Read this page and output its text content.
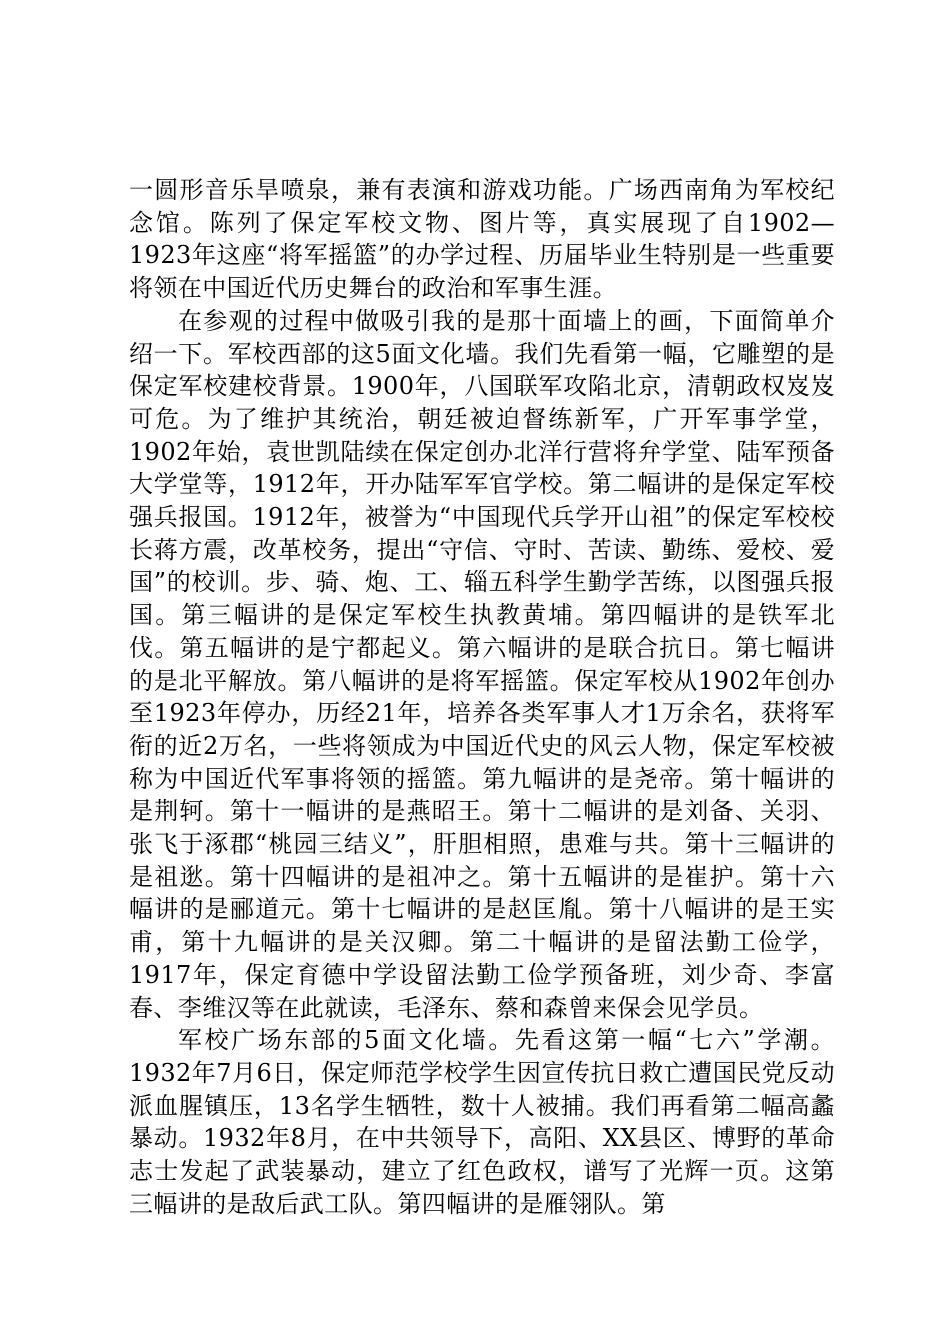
一圆形音乐旱喷泉，兼有表演和游戏功能。广场西南角为军校纪念馆。陈列了保定军校文物、图片等，真实展现了自1902—1923年这座“将军摇篮”的办学过程、历届毕业生特别是一些重要将领在中国近代历史舞台的政治和军事生涯。

在参观的过程中做吸引我的是那十面墙上的画，下面简单介绍一下。军校西部的这5面文化墙。我们先看第一幅，它雕塑的是保定军校建校背景。1900年，八国联军攻陷北京，清朝政权岌岌可危。为了维护其统治，朝廷被迫督练新军，广开军事学堂，1902年始，袁世凯陆续在保定创办北洋行营将弁学堂、陆军预备大学堂等，1912年，开办陆军军官学校。第二幅讲的是保定军校强兵报国。1912年，被誉为“中国现代兵学开山祖”的保定军校校长蒋方震，改革校务，提出“守信、守时、苦读、勤练、爱校、爱国”的校训。步、骑、炮、工、辎五科学生勤学苦练，以图强兵报国。第三幅讲的是保定军校生执教黄埔。第四幅讲的是铁军北伐。第五幅讲的是宁都起义。第六幅讲的是联合抗日。第七幅讲的是北平解放。第八幅讲的是将军摇篮。保定军校从1902年创办至1923年停办，历经21年，培养各类军事人才1万余名，获将军衔的近2万名，一些将领成为中国近代史的风云人物，保定军校被称为中国近代军事将领的摇篮。第九幅讲的是尧帝。第十幅讲的是荆轲。第十一幅讲的是燕昭王。第十二幅讲的是刘备、关羽、张飞于涿郡“桃园三结义”，肝胆相照，患难与共。第十三幅讲的是祖逖。第十四幅讲的是祖冲之。第十五幅讲的是崔护。第十六幅讲的是郦道元。第十七幅讲的是赵匡胤。第十八幅讲的是王实甫，第十九幅讲的是关汉卿。第二十幅讲的是留法勤工俭学，1917年，保定育德中学设留法勤工俭学预备班，刘少奇、李富春、李维汉等在此就读，毛泽东、蔡和森曾来保会见学员。

军校广场东部的5面文化墙。先看这第一幅“七六”学潮。1932年7月6日，保定师范学校学生因宣传抗日救亡遭国民党反动派血腥镇压，13名学生牺牲，数十人被捕。我们再看第二幅高蠡暴动。1932年8月，在中共领导下，高阳、XX县区、博野的革命志士发起了武装暴动，建立了红色政权，谱写了光辉一页。这第三幅讲的是敌后武工队。第四幅讲的是雁翎队。第
